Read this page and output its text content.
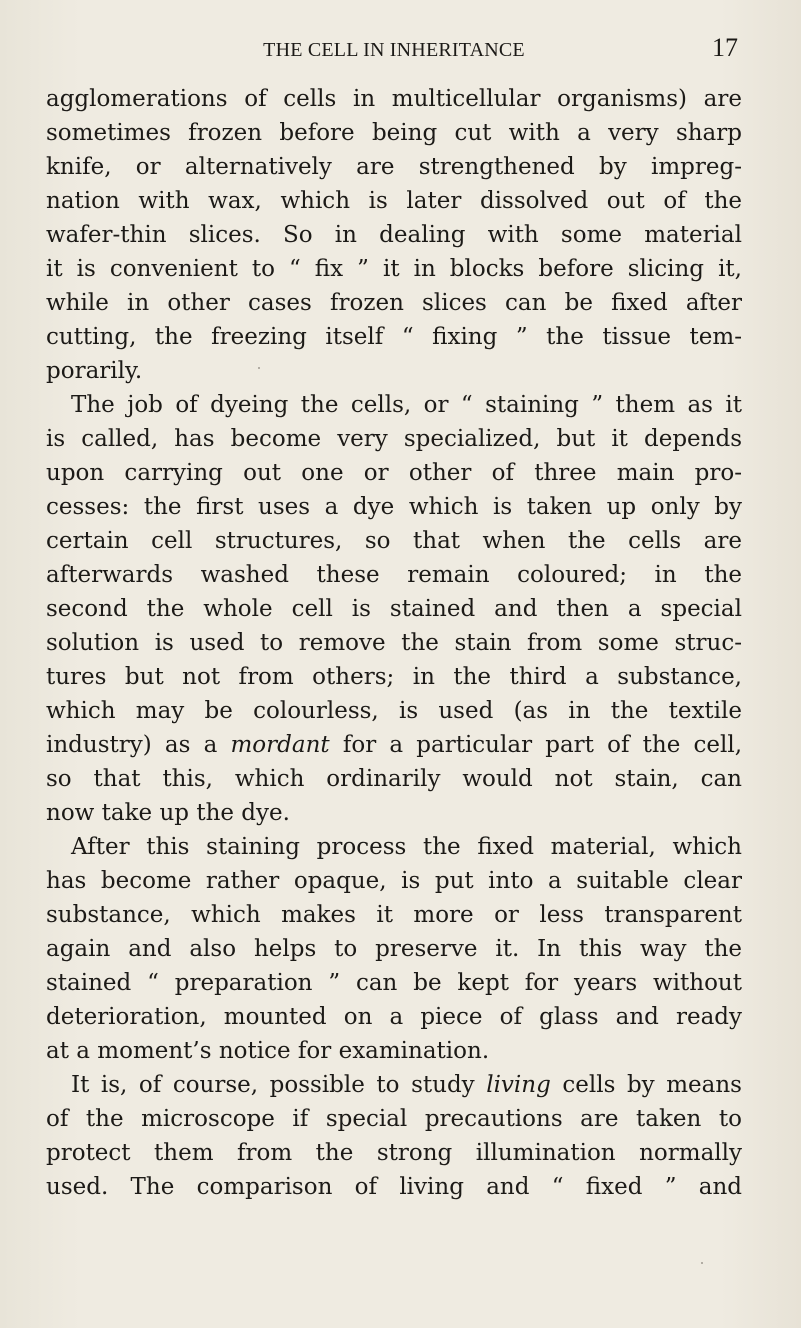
THE CELL IN INHERITANCE	17
agglomerations of cells in multicellular organisms) are
sometimes frozen before being cut with a very sharp
knife, or alternatively are strengthened by impreg-
nation with wax, which is later dissolved out of the
wafer-thin slices. So in dealing with some material
it is convenient to “ fix ” it in blocks before slicing it,
while in other cases frozen slices can be fixed after
cutting, the freezing itself “ fixing ” the tissue tem-
porarily.
The job of dyeing the cells, or “ staining ” them as it
is called, has become very specialized, but it depends
upon carrying out one or other of three main pro-
cesses: the first uses a dye which is taken up only by
certain cell structures, so that when the cells are
afterwards washed these remain coloured; in the
second the whole cell is stained and then a special
solution is used to remove the stain from some struc-
tures but not from others; in the third a substance,
which may be colourless, is used (as in the textile
industry) as a mordant for a particular part of the cell,
so that this, which ordinarily would not stain, can
now take up the dye.
After this staining process the fixed material, which
has become rather opaque, is put into a suitable clear
substance, which makes it more or less transparent
again and also helps to preserve it. In this way the
stained “ preparation ” can be kept for years without
deterioration, mounted on a piece of glass and ready
at a moment’s notice for examination.
It is, of course, possible to study living cells by means
of the microscope if special precautions are taken to
protect them from the strong illumination normally
used. The comparison of living and “ fixed ” and
